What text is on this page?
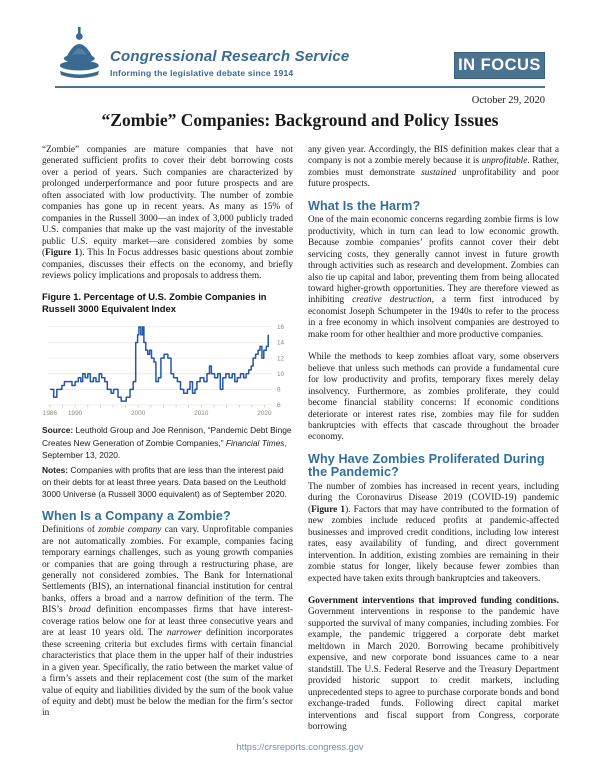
Congressional Research Service
Informing the legislative debate since 1914	IN FOCUS
October 29, 2020
“Zombie” Companies: Background and Policy Issues

“Zombie” companies are mature companies that have not generated sufficient profits to cover their debt borrowing costs over a period of years. Such companies are characterized by prolonged underperformance and poor future prospects and are often associated with low productivity. The number of zombie companies has gone up in recent years. As many as 15% of companies in the Russell 3000—an index of 3,000 publicly traded U.S. companies that make up the vast majority of the investable public U.S. equity market—are considered zombies by some (Figure 1). This In Focus addresses basic questions about zombie companies, discusses their effects on the economy, and briefly reviews policy implications and proposals to address them.

Figure 1. Percentage of U.S. Zombie Companies in Russell 3000 Equivalent Index
6
8
10
12
14
16
1986 1990	2000	2010	2020
Source: Leuthold Group and Joe Rennison, “Pandemic Debt Binge Creates New Generation of Zombie Companies,” Financial Times, September 13, 2020.
Notes: Companies with profits that are less than the interest paid on their debts for at least three years. Data based on the Leuthold 3000 Universe (a Russell 3000 equivalent) as of September 2020.
When Is a Company a Zombie?

Definitions of zombie company can vary. Unprofitable companies are not automatically zombies. For example, companies facing temporary earnings challenges, such as young growth companies or companies that are going through a restructuring phase, are generally not considered zombies. The Bank for International Settlements (BIS), an international financial institution for central banks, offers a broad and a narrow definition of the term. The BIS’s broad definition encompasses firms that have interest-coverage ratios below one for at least three consecutive years and are at least 10 years old. The narrower definition incorporates these screening criteria but excludes firms with certain financial characteristics that place them in the upper half of their industries in a given year. Specifically, the ratio between the market value of a firm’s assets and their replacement cost (the sum of the market value of equity and liabilities divided by the sum of the book value of equity and debt) must be below the median for the firm’s sector in

any given year. Accordingly, the BIS definition makes clear that a company is not a zombie merely because it is unprofitable. Rather, zombies must demonstrate sustained unprofitability and poor future prospects.

What Is the Harm?

One of the main economic concerns regarding zombie firms is low productivity, which in turn can lead to low economic growth. Because zombie companies’ profits cannot cover their debt servicing costs, they generally cannot invest in future growth through activities such as research and development. Zombies can also tie up capital and labor, preventing them from being allocated toward higher-growth opportunities. They are therefore viewed as inhibiting creative destruction, a term first introduced by economist Joseph Schumpeter in the 1940s to refer to the process in a free economy in which insolvent companies are destroyed to make room for other healthier and more productive companies.

While the methods to keep zombies afloat vary, some observers believe that unless such methods can provide a fundamental cure for low productivity and profits, temporary fixes merely delay insolvency. Furthermore, as zombies proliferate, they could become financial stability concerns: If economic conditions deteriorate or interest rates rise, zombies may file for sudden bankruptcies with effects that cascade throughout the broader economy.

Why Have Zombies Proliferated During the Pandemic?

The number of zombies has increased in recent years, including during the Coronavirus Disease 2019 (COVID-19) pandemic (Figure 1). Factors that may have contributed to the formation of new zombies include reduced profits at pandemic-affected businesses and improved credit conditions, including low interest rates, easy availability of funding, and direct government intervention. In addition, existing zombies are remaining in their zombie status for longer, likely because fewer zombies than expected have taken exits through bankruptcies and takeovers.

Government interventions that improved funding conditions. Government interventions in response to the pandemic have supported the survival of many companies, including zombies. For example, the pandemic triggered a corporate debt market meltdown in March 2020. Borrowing became prohibitively expensive, and new corporate bond issuances came to a near standstill. The U.S. Federal Reserve and the Treasury Department provided historic support to credit markets, including unprecedented steps to agree to purchase corporate bonds and bond exchange-traded funds. Following direct capital market interventions and fiscal support from Congress, corporate borrowing

https://crsreports.congress.gov
